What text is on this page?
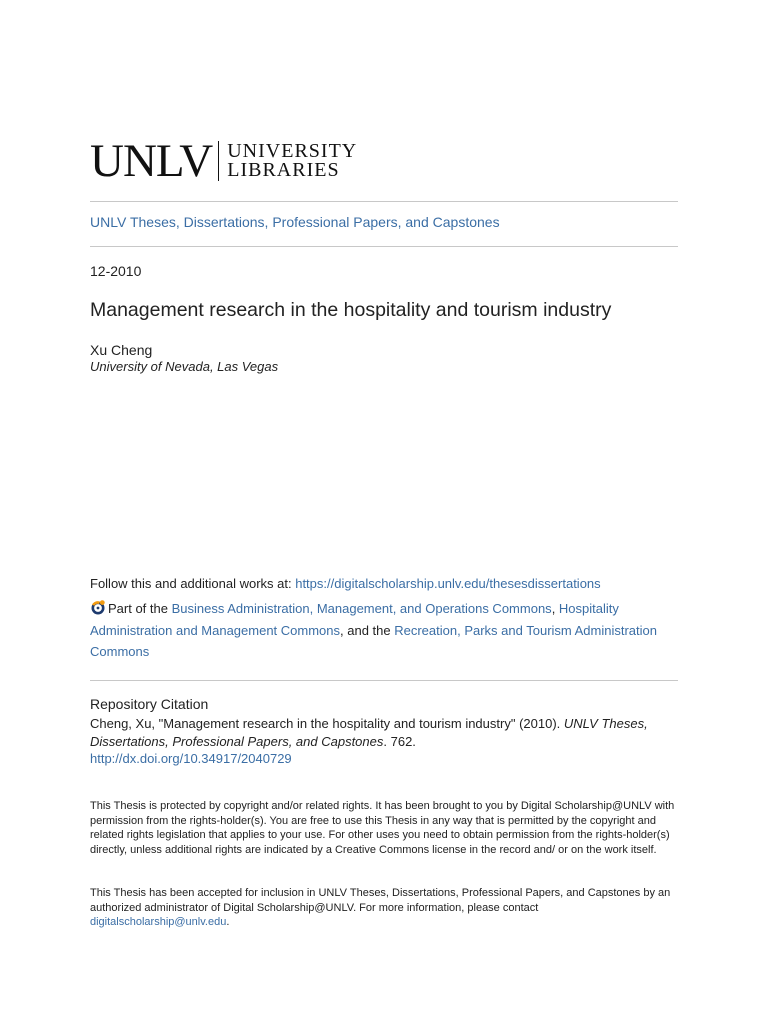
UNLV UNIVERSITY
LIBRARIES
UNLV Theses, Dissertations, Professional Papers, and Capstones
12-2010
Management research in the hospitality and tourism industry
Xu Cheng
University of Nevada, Las Vegas
Follow this and additional works at: https://digitalscholarship.unlv.edu/thesesdissertations
Part of the Business Administration, Management, and Operations Commons, Hospitality Administration and Management Commons, and the Recreation, Parks and Tourism Administration Commons
Repository Citation
Cheng, Xu, "Management research in the hospitality and tourism industry" (2010). UNLV Theses, Dissertations, Professional Papers, and Capstones. 762.
http://dx.doi.org/10.34917/2040729
This Thesis is protected by copyright and/or related rights. It has been brought to you by Digital Scholarship@UNLV with permission from the rights-holder(s). You are free to use this Thesis in any way that is permitted by the copyright and related rights legislation that applies to your use. For other uses you need to obtain permission from the rights-holder(s) directly, unless additional rights are indicated by a Creative Commons license in the record and/ or on the work itself.
This Thesis has been accepted for inclusion in UNLV Theses, Dissertations, Professional Papers, and Capstones by an authorized administrator of Digital Scholarship@UNLV. For more information, please contact digitalscholarship@unlv.edu.
